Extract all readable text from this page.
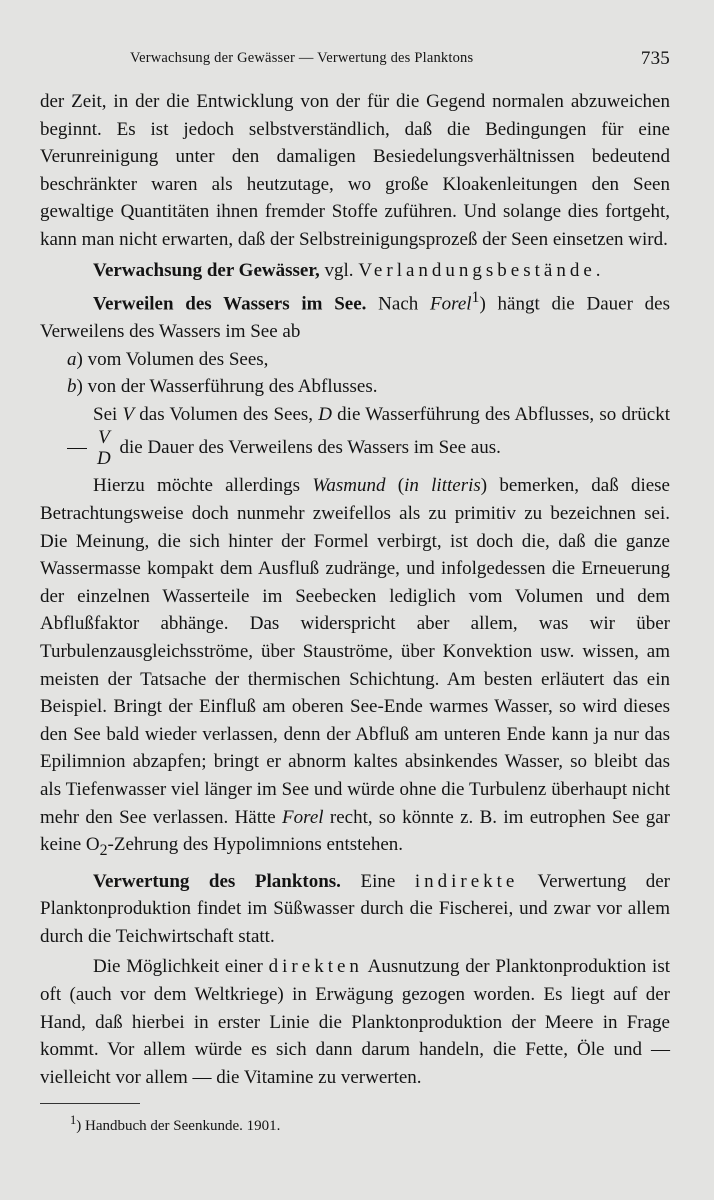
Verwachsung der Gewässer — Verwertung des Planktons	735

der Zeit, in der die Entwicklung von der für die Gegend normalen abzuweichen beginnt. Es ist jedoch selbstverständlich, daß die Bedingungen für eine Verunreinigung unter den damaligen Besiedelungsverhältnissen bedeutend beschränkter waren als heutzutage, wo große Kloakenleitungen den Seen gewaltige Quantitäten ihnen fremder Stoffe zuführen. Und solange dies fortgeht, kann man nicht erwarten, daß der Selbstreinigungsprozeß der Seen einsetzen wird.

Verwachsung der Gewässer, vgl. Verlandungsbestände.

Verweilen des Wassers im See. Nach Forel$^1$) hängt die Dauer des Verweilens des Wassers im See ab

a) vom Volumen des Sees,

b) von der Wasserführung des Abflusses.

Sei V das Volumen des Sees, D die Wasserführung des Abflusses, so drückt
$\frac{V}{D}$ die Dauer des Verweilens des Wassers im See aus.

Hierzu möchte allerdings Wasmund (in litteris) bemerken, daß diese Betrachtungsweise doch nunmehr zweifellos als zu primitiv zu bezeichnen sei. Die Meinung, die sich hinter der Formel verbirgt, ist doch die, daß die ganze Wassermasse kompakt dem Ausfluß zudränge, und infolgedessen die Erneuerung der einzelnen Wasserteile im Seebecken lediglich vom Volumen und dem Abflußfaktor abhänge. Das widerspricht aber allem, was wir über Turbulenzausgleichsströme, über Stauströme, über Konvektion usw. wissen, am meisten der Tatsache der thermischen Schichtung. Am besten erläutert das ein Beispiel. Bringt der Einfluß am oberen See-Ende warmes Wasser, so wird dieses den See bald wieder verlassen, denn der Abfluß am unteren Ende kann ja nur das Epilimnion abzapfen; bringt er abnorm kaltes absinkendes Wasser, so bleibt das als Tiefenwasser viel länger im See und würde ohne die Turbulenz überhaupt nicht mehr den See verlassen. Hätte Forel recht, so könnte z. B. im eutrophen See gar keine $O_2$-Zehrung des Hypolimnions entstehen.

Verwertung des Planktons. Eine indirekte Verwertung der Planktonproduktion findet im Süßwasser durch die Fischerei, und zwar vor allem durch die Teichwirtschaft statt.

Die Möglichkeit einer direkten Ausnutzung der Planktonproduktion ist oft (auch vor dem Weltkriege) in Erwägung gezogen worden. Es liegt auf der Hand, daß hierbei in erster Linie die Planktonproduktion der Meere in Frage kommt. Vor allem würde es sich dann darum handeln, die Fette, Öle und — vielleicht vor allem — die Vitamine zu verwerten.

$^1$) Handbuch der Seenkunde. 1901.
